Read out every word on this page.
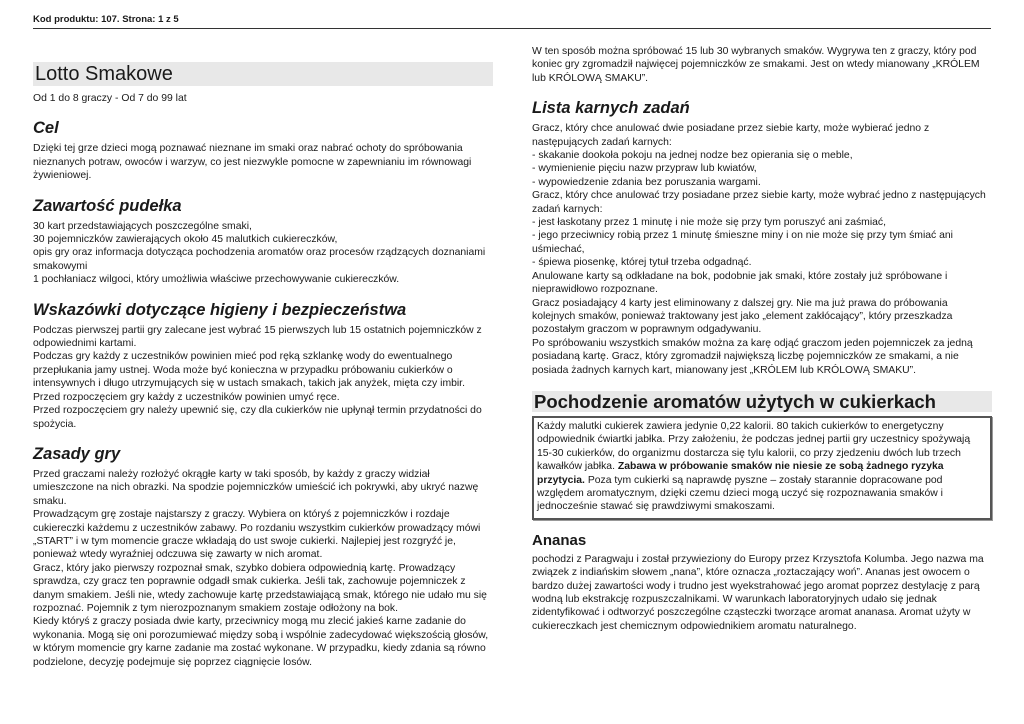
Kod produktu: 107. Strona: 1 z 5
Lotto Smakowe

Od 1 do 8 graczy - Od 7 do 99 lat

Cel

Dzięki tej grze dzieci mogą poznawać nieznane im smaki oraz nabrać ochoty do spróbowania nieznanych potraw, owoców i warzyw, co jest niezwykle pomocne w zapewnianiu im równowagi żywieniowej.

Zawartość pudełka

30 kart przedstawiających poszczególne smaki,

30 pojemniczków zawierających około 45 malutkich cukiereczków,

opis gry oraz informacja dotycząca pochodzenia aromatów oraz procesów rządzących doznaniami smakowymi

1 pochłaniacz wilgoci, który umożliwia właściwe przechowywanie cukiereczków.

Wskazówki dotyczące higieny i bezpieczeństwa

Podczas pierwszej partii gry zalecane jest wybrać 15 pierwszych lub 15 ostatnich pojemniczków z odpowiednimi kartami.

Podczas gry każdy z uczestników powinien mieć pod ręką szklankę wody do ewentualnego przepłukania jamy ustnej. Woda może być konieczna w przypadku próbowaniu cukierków o intensywnych i długo utrzymujących się w ustach smakach, takich jak anyżek, mięta czy imbir.

Przed rozpoczęciem gry każdy z uczestników powinien umyć ręce.

Przed rozpoczęciem gry należy upewnić się, czy dla cukierków nie upłynął termin przydatności do spożycia.

Zasady gry

Przed graczami należy rozłożyć okrągłe karty w taki sposób, by każdy z graczy widział umieszczone na nich obrazki. Na spodzie pojemniczków umieścić ich pokrywki, aby ukryć nazwę smaku.

Prowadzącym grę zostaje najstarszy z graczy. Wybiera on któryś z pojemniczków i rozdaje cukiereczki każdemu z uczestników zabawy. Po rozdaniu wszystkim cukierków prowadzący mówi „START” i w tym momencie gracze wkładają do ust swoje cukierki. Najlepiej jest rozgryźć je, ponieważ wtedy wyraźniej odczuwa się zawarty w nich aromat.

Gracz, który jako pierwszy rozpoznał smak, szybko dobiera odpowiednią kartę. Prowadzący sprawdza, czy gracz ten poprawnie odgadł smak cukierka. Jeśli tak, zachowuje pojemniczek z danym smakiem. Jeśli nie, wtedy zachowuje kartę przedstawiającą smak, którego nie udało mu się rozpoznać. Pojemnik z tym nierozpoznanym smakiem zostaje odłożony na bok.

Kiedy któryś z graczy posiada dwie karty, przeciwnicy mogą mu zlecić jakieś karne zadanie do wykonania. Mogą się oni porozumiewać między sobą i wspólnie zadecydować większością głosów, w którym momencie gry karne zadanie ma zostać wykonane. W przypadku, kiedy zdania są równo podzielone, decyzję podejmuje się poprzez ciągnięcie losów.

W ten sposób można spróbować 15 lub 30 wybranych smaków. Wygrywa ten z graczy, który pod koniec gry zgromadził najwięcej pojemniczków ze smakami. Jest on wtedy mianowany „KRÓLEM lub KRÓLOWĄ SMAKU”.

Lista karnych zadań

Gracz, który chce anulować dwie posiadane przez siebie karty, może wybierać jedno z następujących zadań karnych:

- skakanie dookoła pokoju na jednej nodze bez opierania się o meble,

- wymienienie pięciu nazw przypraw lub kwiatów,

- wypowiedzenie zdania bez poruszania wargami.

Gracz, który chce anulować trzy posiadane przez siebie karty, może wybrać jedno z następujących zadań karnych:

- jest łaskotany przez 1 minutę i nie może się przy tym poruszyć ani zaśmiać,

- jego przeciwnicy robią przez 1 minutę śmieszne miny i on nie może się przy tym śmiać ani uśmiechać,

- śpiewa piosenkę, której tytuł trzeba odgadnąć.

Anulowane karty są odkładane na bok, podobnie jak smaki, które zostały już spróbowane i nieprawidłowo rozpoznane.

Gracz posiadający 4 karty jest eliminowany z dalszej gry. Nie ma już prawa do próbowania kolejnych smaków, ponieważ traktowany jest jako „element zakłócający”, który przeszkadza pozostałym graczom w poprawnym odgadywaniu.

Po spróbowaniu wszystkich smaków można za karę odjąć graczom jeden pojemniczek za jedną posiadaną kartę. Gracz, który zgromadził największą liczbę pojemniczków ze smakami, a nie posiada żadnych karnych kart, mianowany jest „KRÓLEM lub KRÓLOWĄ SMAKU”.

Pochodzenie aromatów użytych w cukierkach

Każdy malutki cukierek zawiera jedynie 0,22 kalorii. 80 takich cukierków to energetyczny odpowiednik ćwiartki jabłka. Przy założeniu, że podczas jednej partii gry uczestnicy spożywają 15-30 cukierków, do organizmu dostarcza się tylu kalorii, co przy zjedzeniu dwóch lub trzech kawałków jabłka. Zabawa w próbowanie smaków nie niesie ze sobą żadnego ryzyka przytycia. Poza tym cukierki są naprawdę pyszne – zostały starannie dopracowane pod względem aromatycznym, dzięki czemu dzieci mogą uczyć się rozpoznawania smaków i jednocześnie stawać się prawdziwymi smakoszami.

Ananas

pochodzi z Paragwaju i został przywieziony do Europy przez Krzysztofa Kolumba. Jego nazwa ma związek z indiańskim słowem „nana”, które oznacza „roztaczający woń”. Ananas jest owocem o bardzo dużej zawartości wody i trudno jest wyekstrahować jego aromat poprzez destylację z parą wodną lub ekstrakcję rozpuszczalnikami. W warunkach laboratoryjnych udało się jednak zidentyfikować i odtworzyć poszczególne cząsteczki tworzące aromat ananasa. Aromat użyty w cukiereczkach jest chemicznym odpowiednikiem aromatu naturalnego.
